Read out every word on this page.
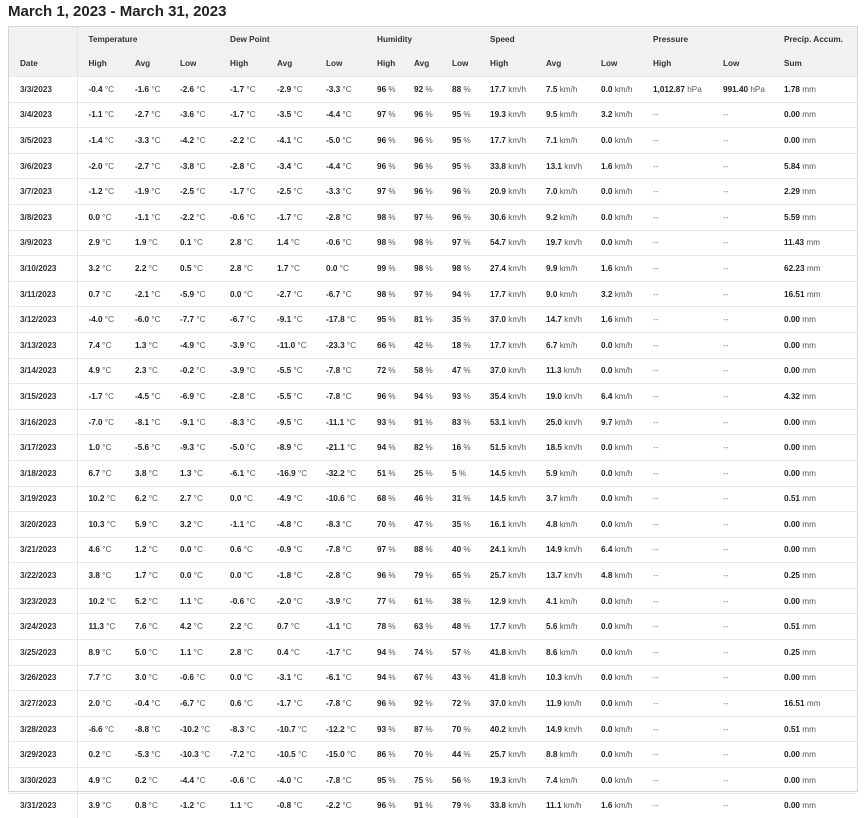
March 1, 2023 - March 31, 2023
	Temperature			Dew Point			Humidity			Speed			Pressure		Precip. Accum.
Date	High	Avg	Low	High	Avg	Low	High	Avg	Low	High	Avg	Low	High	Low	Sum
3/3/2023	-0.4 °C	-1.6 °C	-2.6 °C	-1.7 °C	-2.9 °C	-3.3 °C	96 %	92 %	88 %	17.7 km/h	7.5 km/h	0.0 km/h	1,012.87 hPa	991.40 hPa	1.78 mm
3/4/2023	-1.1 °C	-2.7 °C	-3.6 °C	-1.7 °C	-3.5 °C	-4.4 °C	97 %	96 %	95 %	19.3 km/h	9.5 km/h	3.2 km/h	--	--	0.00 mm
3/5/2023	-1.4 °C	-3.3 °C	-4.2 °C	-2.2 °C	-4.1 °C	-5.0 °C	96 %	96 %	95 %	17.7 km/h	7.1 km/h	0.0 km/h	--	--	0.00 mm
3/6/2023	-2.0 °C	-2.7 °C	-3.8 °C	-2.8 °C	-3.4 °C	-4.4 °C	96 %	96 %	95 %	33.8 km/h	13.1 km/h	1.6 km/h	--	--	5.84 mm
3/7/2023	-1.2 °C	-1.9 °C	-2.5 °C	-1.7 °C	-2.5 °C	-3.3 °C	97 %	96 %	96 %	20.9 km/h	7.0 km/h	0.0 km/h	--	--	2.29 mm
3/8/2023	0.0 °C	-1.1 °C	-2.2 °C	-0.6 °C	-1.7 °C	-2.8 °C	98 %	97 %	96 %	30.6 km/h	9.2 km/h	0.0 km/h	--	--	5.59 mm
3/9/2023	2.9 °C	1.9 °C	0.1 °C	2.8 °C	1.4 °C	-0.6 °C	98 %	98 %	97 %	54.7 km/h	19.7 km/h	0.0 km/h	--	--	11.43 mm
3/10/2023	3.2 °C	2.2 °C	0.5 °C	2.8 °C	1.7 °C	0.0 °C	99 %	98 %	98 %	27.4 km/h	9.9 km/h	1.6 km/h	--	--	62.23 mm
3/11/2023	0.7 °C	-2.1 °C	-5.9 °C	0.0 °C	-2.7 °C	-6.7 °C	98 %	97 %	94 %	17.7 km/h	9.0 km/h	3.2 km/h	--	--	16.51 mm
3/12/2023	-4.0 °C	-6.0 °C	-7.7 °C	-6.7 °C	-9.1 °C	-17.8 °C	95 %	81 %	35 %	37.0 km/h	14.7 km/h	1.6 km/h	--	--	0.00 mm
3/13/2023	7.4 °C	1.3 °C	-4.9 °C	-3.9 °C	-11.0 °C	-23.3 °C	66 %	42 %	18 %	17.7 km/h	6.7 km/h	0.0 km/h	--	--	0.00 mm
3/14/2023	4.9 °C	2.3 °C	-0.2 °C	-3.9 °C	-5.5 °C	-7.8 °C	72 %	58 %	47 %	37.0 km/h	11.3 km/h	0.0 km/h	--	--	0.00 mm
3/15/2023	-1.7 °C	-4.5 °C	-6.9 °C	-2.8 °C	-5.5 °C	-7.8 °C	96 %	94 %	93 %	35.4 km/h	19.0 km/h	6.4 km/h	--	--	4.32 mm
3/16/2023	-7.0 °C	-8.1 °C	-9.1 °C	-8.3 °C	-9.5 °C	-11.1 °C	93 %	91 %	83 %	53.1 km/h	25.0 km/h	9.7 km/h	--	--	0.00 mm
3/17/2023	1.0 °C	-5.6 °C	-9.3 °C	-5.0 °C	-8.9 °C	-21.1 °C	94 %	82 %	16 %	51.5 km/h	18.5 km/h	0.0 km/h	--	--	0.00 mm
3/18/2023	6.7 °C	3.8 °C	1.3 °C	-6.1 °C	-16.9 °C	-32.2 °C	51 %	25 %	5 %	14.5 km/h	5.9 km/h	0.0 km/h	--	--	0.00 mm
3/19/2023	10.2 °C	6.2 °C	2.7 °C	0.0 °C	-4.9 °C	-10.6 °C	68 %	46 %	31 %	14.5 km/h	3.7 km/h	0.0 km/h	--	--	0.51 mm
3/20/2023	10.3 °C	5.9 °C	3.2 °C	-1.1 °C	-4.8 °C	-8.3 °C	70 %	47 %	35 %	16.1 km/h	4.8 km/h	0.0 km/h	--	--	0.00 mm
3/21/2023	4.6 °C	1.2 °C	0.0 °C	0.6 °C	-0.9 °C	-7.8 °C	97 %	88 %	40 %	24.1 km/h	14.9 km/h	6.4 km/h	--	--	0.00 mm
3/22/2023	3.8 °C	1.7 °C	0.0 °C	0.0 °C	-1.8 °C	-2.8 °C	96 %	79 %	65 %	25.7 km/h	13.7 km/h	4.8 km/h	--	--	0.25 mm
3/23/2023	10.2 °C	5.2 °C	1.1 °C	-0.6 °C	-2.0 °C	-3.9 °C	77 %	61 %	38 %	12.9 km/h	4.1 km/h	0.0 km/h	--	--	0.00 mm
3/24/2023	11.3 °C	7.6 °C	4.2 °C	2.2 °C	0.7 °C	-1.1 °C	78 %	63 %	48 %	17.7 km/h	5.6 km/h	0.0 km/h	--	--	0.51 mm
3/25/2023	8.9 °C	5.0 °C	1.1 °C	2.8 °C	0.4 °C	-1.7 °C	94 %	74 %	57 %	41.8 km/h	8.6 km/h	0.0 km/h	--	--	0.25 mm
3/26/2023	7.7 °C	3.0 °C	-0.6 °C	0.0 °C	-3.1 °C	-6.1 °C	94 %	67 %	43 %	41.8 km/h	10.3 km/h	0.0 km/h	--	--	0.00 mm
3/27/2023	2.0 °C	-0.4 °C	-6.7 °C	0.6 °C	-1.7 °C	-7.8 °C	96 %	92 %	72 %	37.0 km/h	11.9 km/h	0.0 km/h	--	--	16.51 mm
3/28/2023	-6.6 °C	-8.8 °C	-10.2 °C	-8.3 °C	-10.7 °C	-12.2 °C	93 %	87 %	70 %	40.2 km/h	14.9 km/h	0.0 km/h	--	--	0.51 mm
3/29/2023	0.2 °C	-5.3 °C	-10.3 °C	-7.2 °C	-10.5 °C	-15.0 °C	86 %	70 %	44 %	25.7 km/h	8.8 km/h	0.0 km/h	--	--	0.00 mm
3/30/2023	4.9 °C	0.2 °C	-4.4 °C	-0.6 °C	-4.0 °C	-7.8 °C	95 %	75 %	56 %	19.3 km/h	7.4 km/h	0.0 km/h	--	--	0.00 mm
3/31/2023	3.9 °C	0.8 °C	-1.2 °C	1.1 °C	-0.8 °C	-2.2 °C	96 %	91 %	79 %	33.8 km/h	11.1 km/h	1.6 km/h	--	--	0.00 mm
